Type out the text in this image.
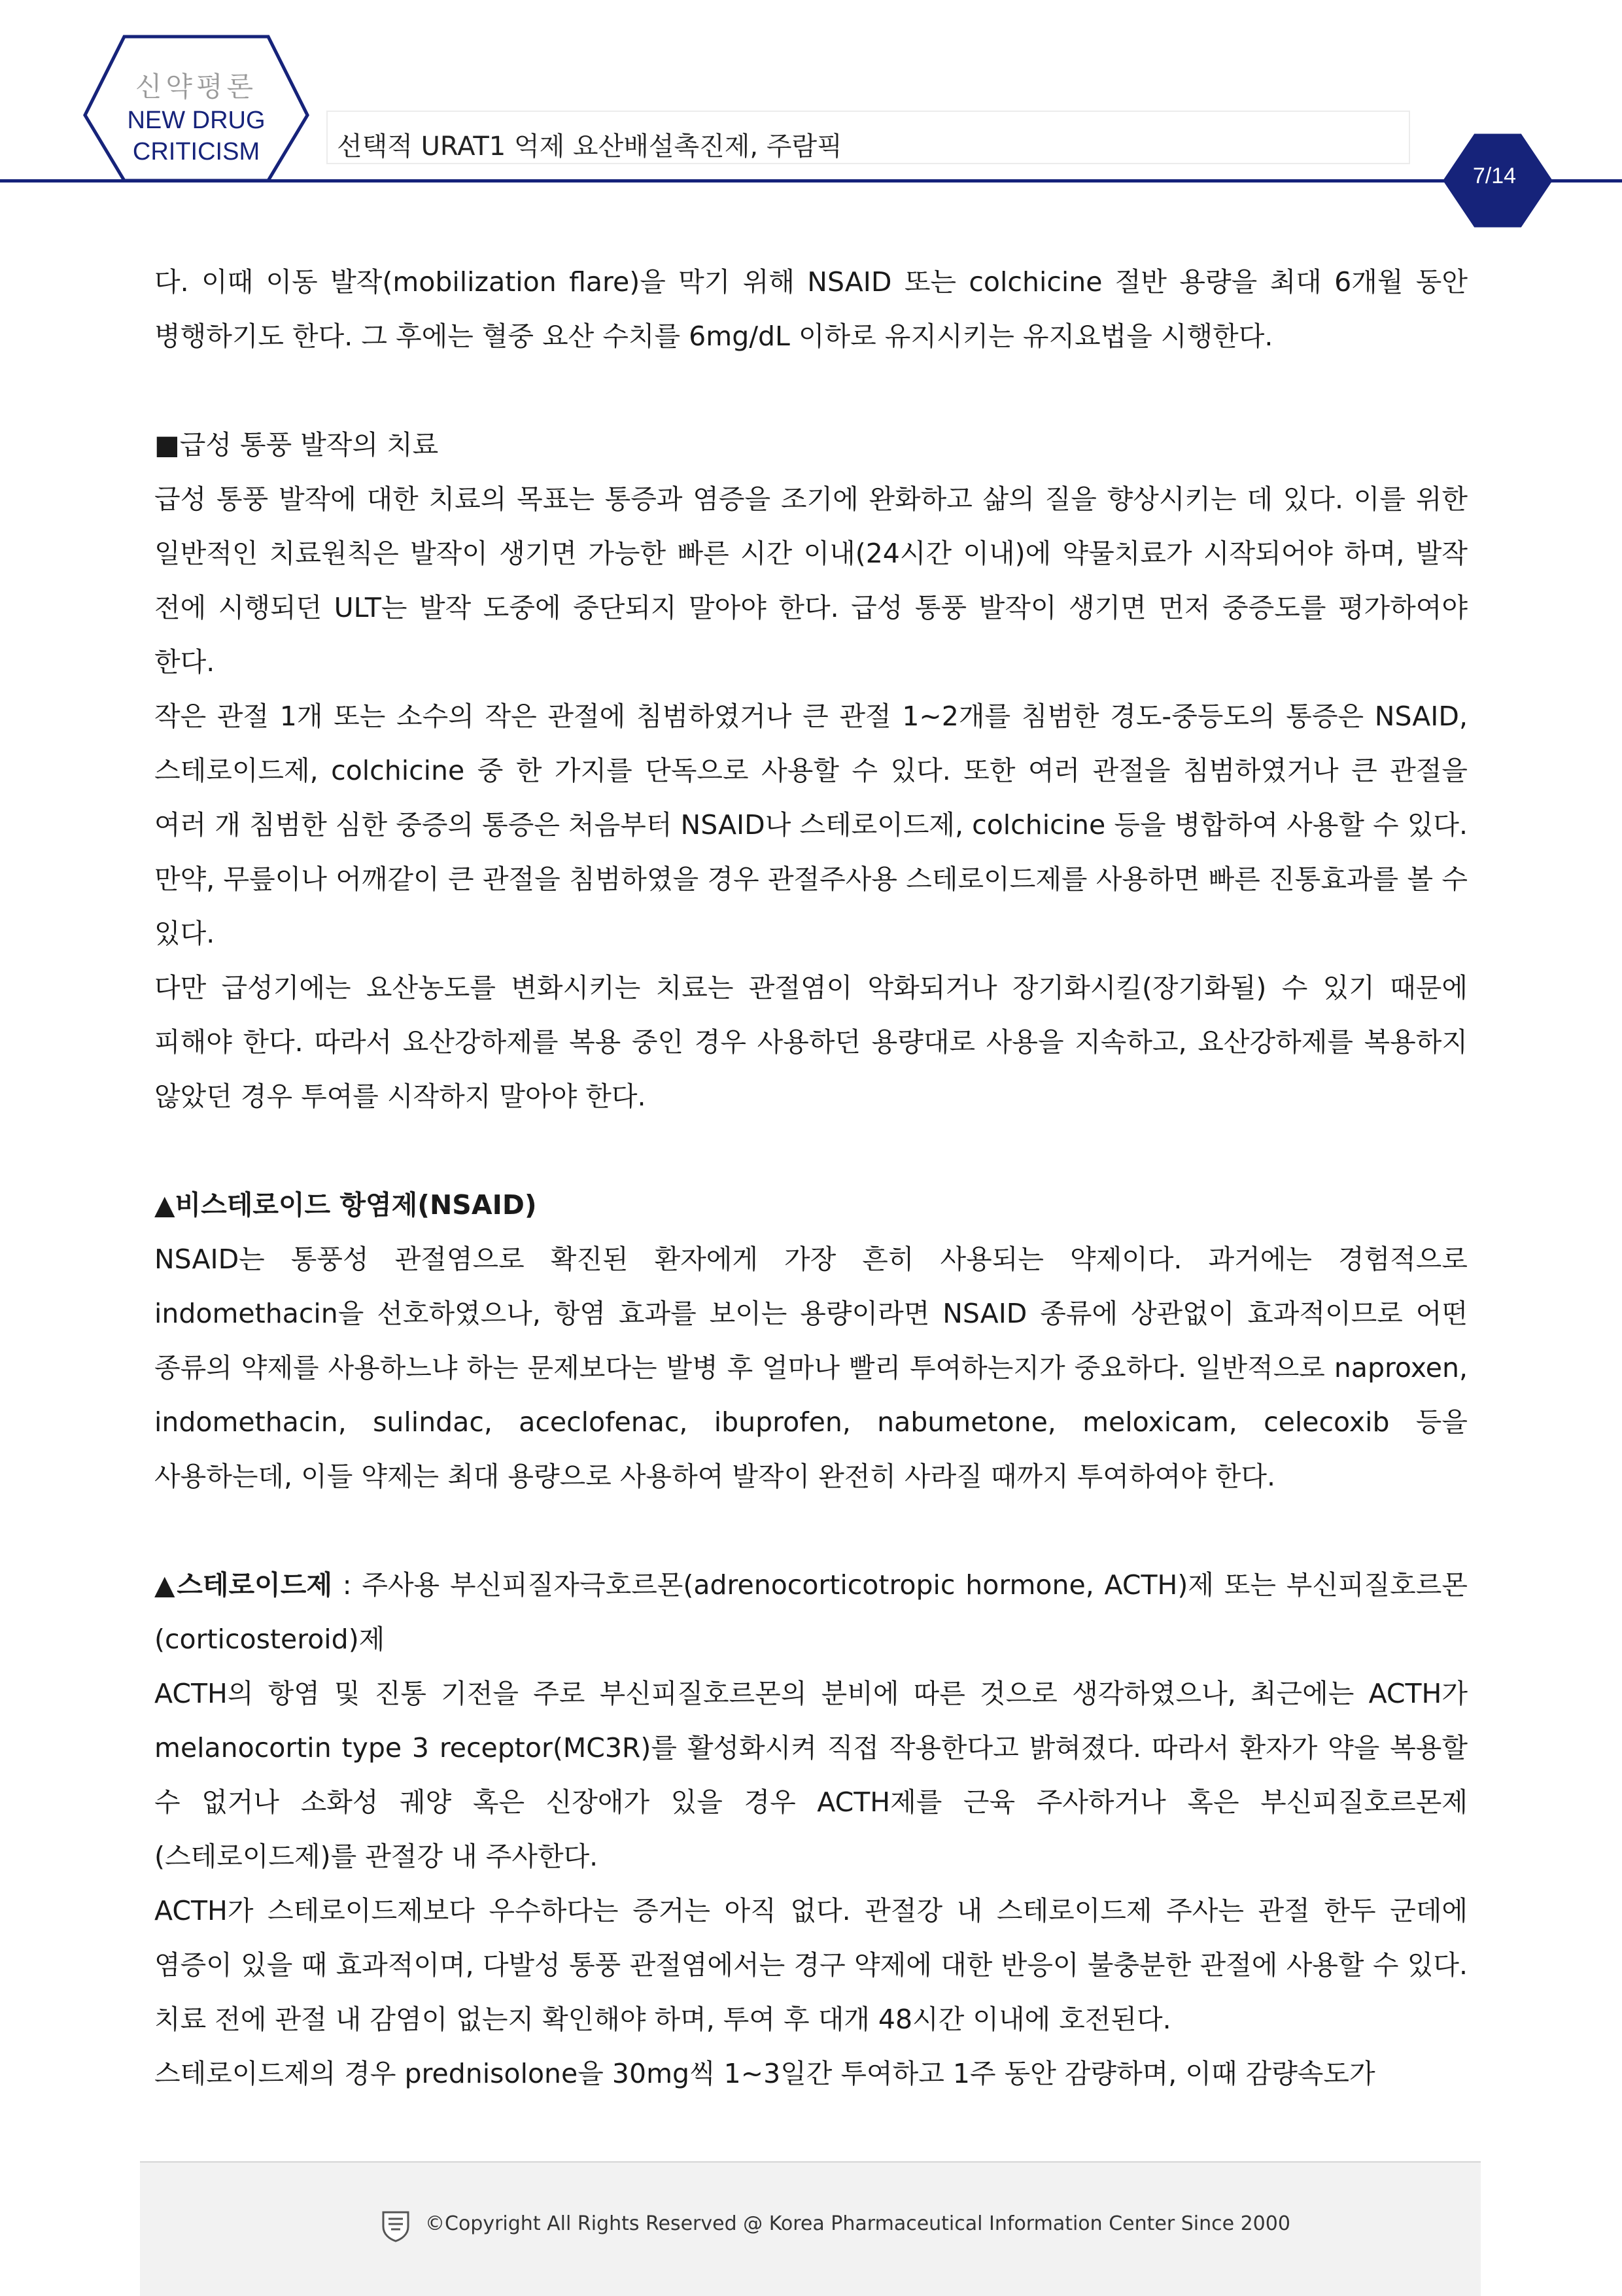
신약평론
NEW DRUG
CRITICISM	선택적 URAT1 억제 요산배설촉진제, 주람픽
7/14

다. 이때 이동 발작(mobilization flare)을 막기 위해 NSAID 또는 colchicine 절반 용량을 최대 6개월 동안 병행하기도 한다. 그 후에는 혈중 요산 수치를 6mg/dL 이하로 유지시키는 유지요법을 시행한다.

■급성 통풍 발작의 치료

급성 통풍 발작에 대한 치료의 목표는 통증과 염증을 조기에 완화하고 삶의 질을 향상시키는 데 있다. 이를 위한 일반적인 치료원칙은 발작이 생기면 가능한 빠른 시간 이내(24시간 이내)에 약물치료가 시작되어야 하며, 발작 전에 시행되던 ULT는 발작 도중에 중단되지 말아야 한다. 급성 통풍 발작이 생기면 먼저 중증도를 평가하여야 한다.

작은 관절 1개 또는 소수의 작은 관절에 침범하였거나 큰 관절 1~2개를 침범한 경도-중등도의 통증은 NSAID, 스테로이드제, colchicine 중 한 가지를 단독으로 사용할 수 있다. 또한 여러 관절을 침범하였거나 큰 관절을 여러 개 침범한 심한 중증의 통증은 처음부터 NSAID나 스테로이드제, colchicine 등을 병합하여 사용할 수 있다. 만약, 무릎이나 어깨같이 큰 관절을 침범하였을 경우 관절주사용 스테로이드제를 사용하면 빠른 진통효과를 볼 수 있다.

다만 급성기에는 요산농도를 변화시키는 치료는 관절염이 악화되거나 장기화시킬(장기화될) 수 있기 때문에 피해야 한다. 따라서 요산강하제를 복용 중인 경우 사용하던 용량대로 사용을 지속하고, 요산강하제를 복용하지 않았던 경우 투여를 시작하지 말아야 한다.

▲비스테로이드 항염제(NSAID)

NSAID는 통풍성 관절염으로 확진된 환자에게 가장 흔히 사용되는 약제이다. 과거에는 경험적으로 indomethacin을 선호하였으나, 항염 효과를 보이는 용량이라면 NSAID 종류에 상관없이 효과적이므로 어떤 종류의 약제를 사용하느냐 하는 문제보다는 발병 후 얼마나 빨리 투여하는지가 중요하다. 일반적으로 naproxen, indomethacin, sulindac, aceclofenac, ibuprofen, nabumetone, meloxicam, celecoxib 등을 사용하는데, 이들 약제는 최대 용량으로 사용하여 발작이 완전히 사라질 때까지 투여하여야 한다.

▲스테로이드제 : 주사용 부신피질자극호르몬(adrenocorticotropic hormone, ACTH)제 또는 부신피질호르몬(corticosteroid)제

ACTH의 항염 및 진통 기전을 주로 부신피질호르몬의 분비에 따른 것으로 생각하였으나, 최근에는 ACTH가 melanocortin type 3 receptor(MC3R)를 활성화시켜 직접 작용한다고 밝혀졌다. 따라서 환자가 약을 복용할 수 없거나 소화성 궤양 혹은 신장애가 있을 경우 ACTH제를 근육 주사하거나 혹은 부신피질호르몬제(스테로이드제)를 관절강 내 주사한다.

ACTH가 스테로이드제보다 우수하다는 증거는 아직 없다. 관절강 내 스테로이드제 주사는 관절 한두 군데에 염증이 있을 때 효과적이며, 다발성 통풍 관절염에서는 경구 약제에 대한 반응이 불충분한 관절에 사용할 수 있다. 치료 전에 관절 내 감염이 없는지 확인해야 하며, 투여 후 대개 48시간 이내에 호전된다.

스테로이드제의 경우 prednisolone을 30mg씩 1~3일간 투여하고 1주 동안 감량하며, 이때 감량속도가

©Copyright All Rights Reserved @ Korea Pharmaceutical Information Center Since 2000
